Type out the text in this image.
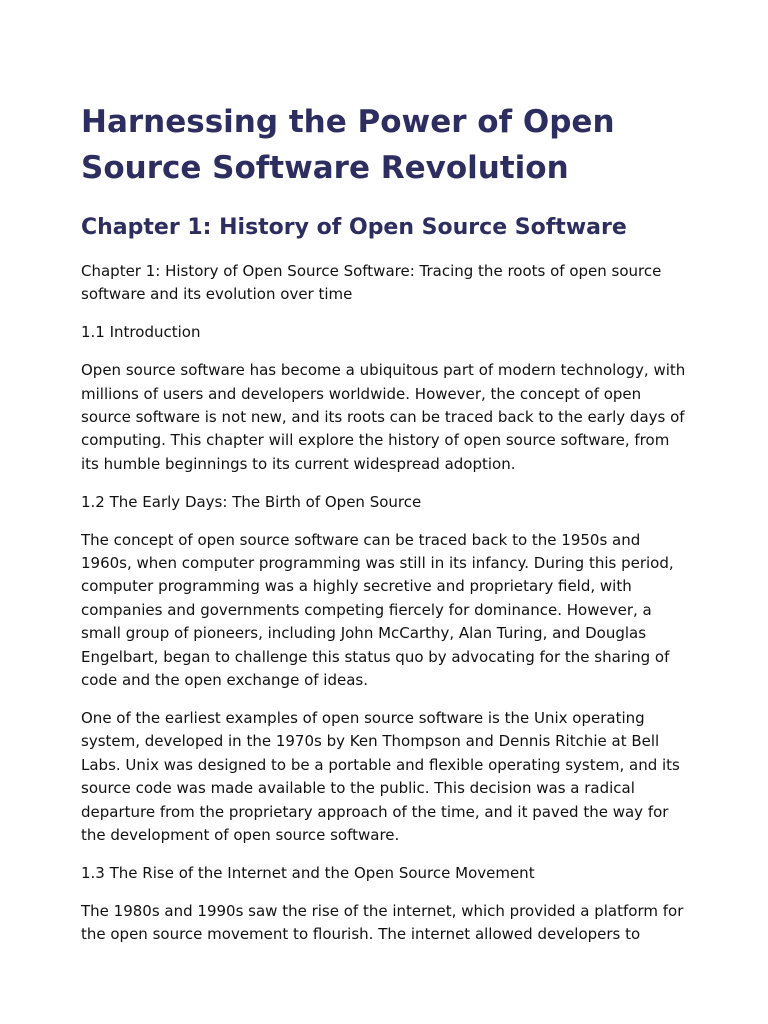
Harnessing the Power of Open Source Software Revolution
Chapter 1: History of Open Source Software

Chapter 1: History of Open Source Software: Tracing the roots of open source software and its evolution over time

1.1 Introduction

Open source software has become a ubiquitous part of modern technology, with millions of users and developers worldwide. However, the concept of open source software is not new, and its roots can be traced back to the early days of computing. This chapter will explore the history of open source software, from its humble beginnings to its current widespread adoption.

1.2 The Early Days: The Birth of Open Source

The concept of open source software can be traced back to the 1950s and 1960s, when computer programming was still in its infancy. During this period, computer programming was a highly secretive and proprietary field, with companies and governments competing fiercely for dominance. However, a small group of pioneers, including John McCarthy, Alan Turing, and Douglas Engelbart, began to challenge this status quo by advocating for the sharing of code and the open exchange of ideas.

One of the earliest examples of open source software is the Unix operating system, developed in the 1970s by Ken Thompson and Dennis Ritchie at Bell Labs. Unix was designed to be a portable and flexible operating system, and its source code was made available to the public. This decision was a radical departure from the proprietary approach of the time, and it paved the way for the development of open source software.

1.3 The Rise of the Internet and the Open Source Movement

The 1980s and 1990s saw the rise of the internet, which provided a platform for the open source movement to flourish. The internet allowed developers to
